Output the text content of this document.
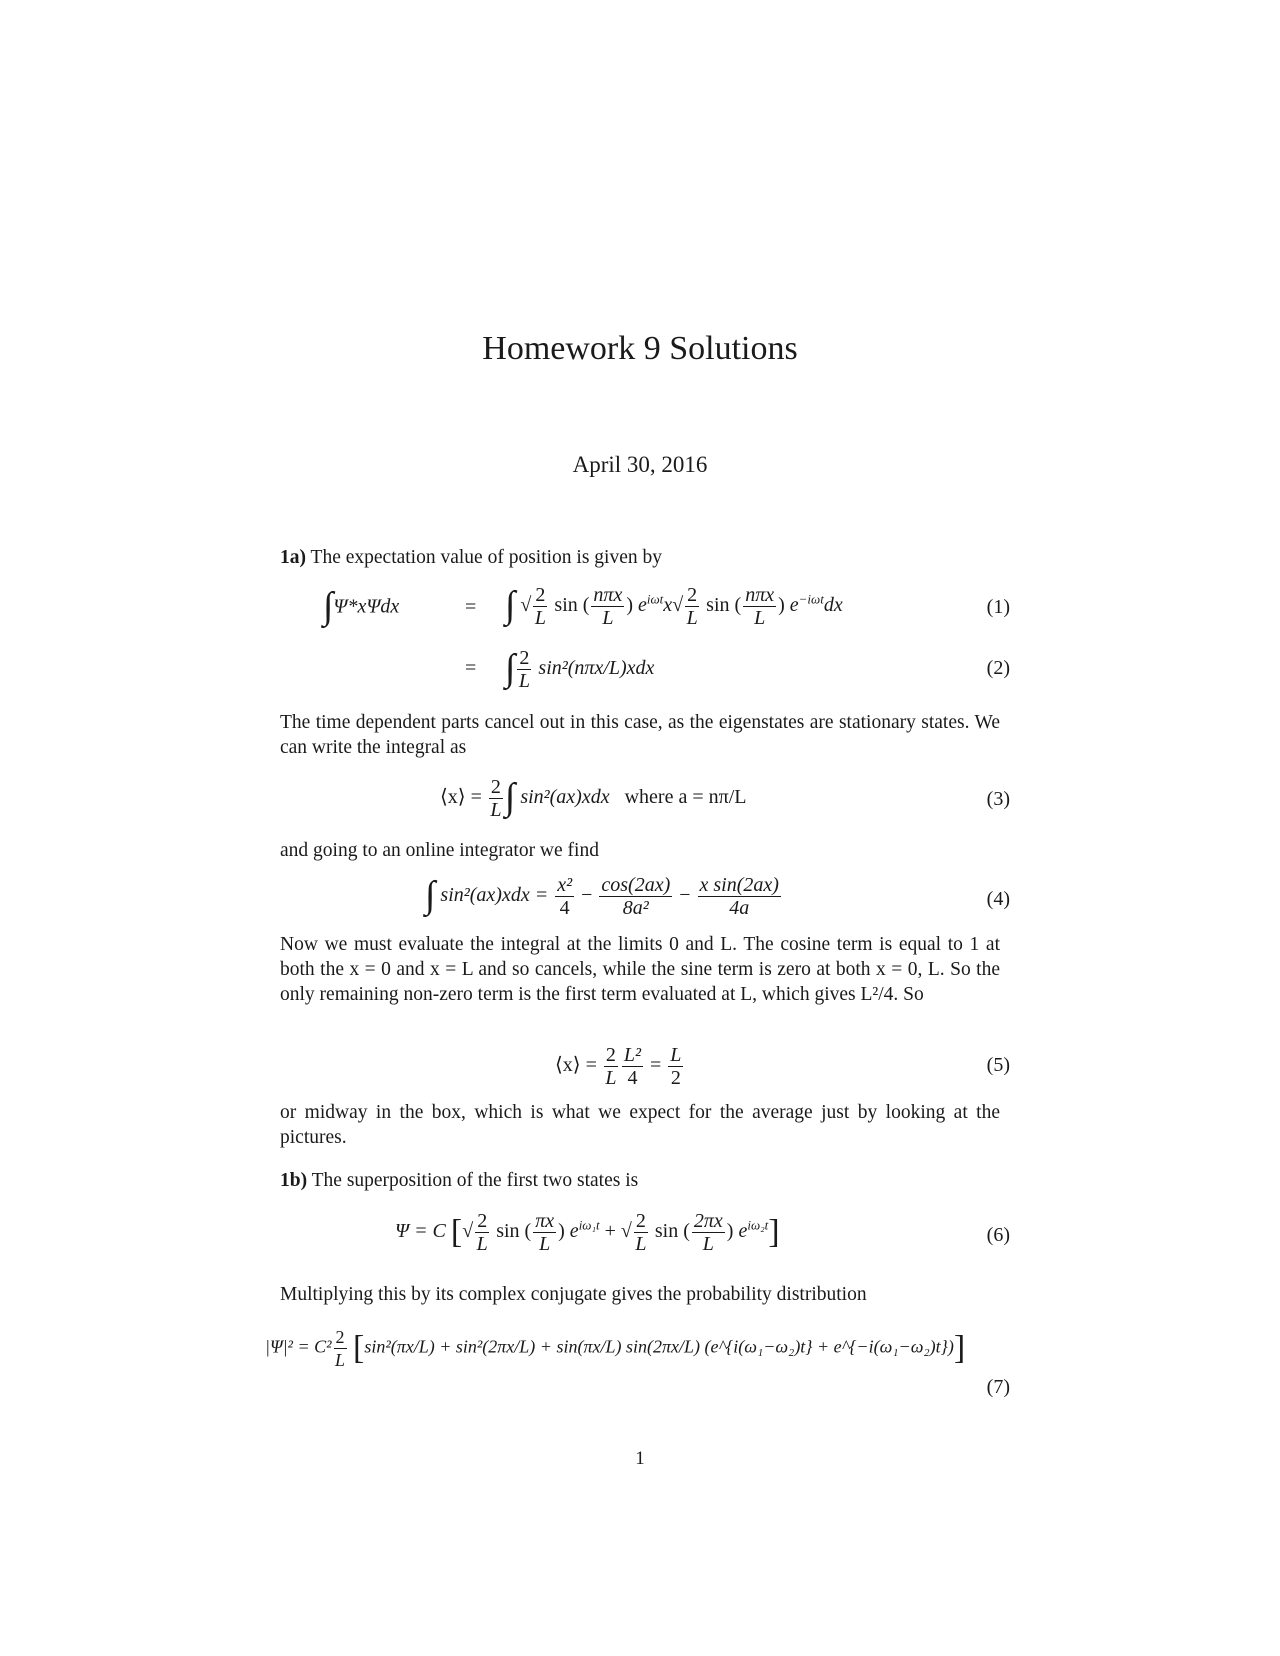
Homework 9 Solutions
April 30, 2016
1a) The expectation value of position is given by
∫Ψ*xΨdx	= ∫ √ $\frac{2}{L}$ sin ( $\frac{\text{nπx}}{L}$ ) $e^{i\omega t}x√ \frac{2}{L}$ sin ( $\frac{\text{nπx}}{L}$ ) $e^{-i\omega t}dx$	(1)
= ∫ $\frac{2}{L} \sin^2(n\pi x/L)xdx$	(2)
The time dependent parts cancel out in this case, as the eigenstates are stationary states. We can write the integral as
⟨x⟩ = $\frac{2}{L}$ ∫ sin²(ax)xdx where a = nπ/L	(3)
and going to an online integrator we find
∫ $\sin^2(ax)xdx = \frac{\text{x²}}{4} - \frac{\cos(2ax)}{\text{8a²}} - \frac{\text{x sin(2ax)}}{4a}$	(4)
Now we must evaluate the integral at the limits 0 and L. The cosine term is equal to 1 at both the x = 0 and x = L and so cancels, while the sine term is zero at both x = 0, L. So the only remaining non-zero term is the first term evaluated at L, which gives L²/4. So
⟨x⟩ = $\frac{2}{L} \frac{\text{L²}}{4} = \frac{L}{2}$	(5)
or midway in the box, which is what we expect for the average just by looking at the pictures.
1b) The superposition of the first two states is
Ψ = C [√ $\frac{2}{L}$ sin ( $\frac{\pi x}{L}$ ) $e^{i\omega_1t}$ + √ $\frac{2}{L}$ sin ( $\frac{2\pi x}{L}$ ) $e^{i\omega_2t}$]	(6)
Multiplying this by its complex conjugate gives the probability distribution
$|\Psi|^2 = C^2 \frac{2}{L} [\sin^2(\pi x/L) + \sin^2(2\pi x/L) + \sin(\pi x/L)$ sin(2πx/L) (e^{i(ω₁−ω₂)t} + e^{−i(ω₁−ω₂)t})]
(7)
1
